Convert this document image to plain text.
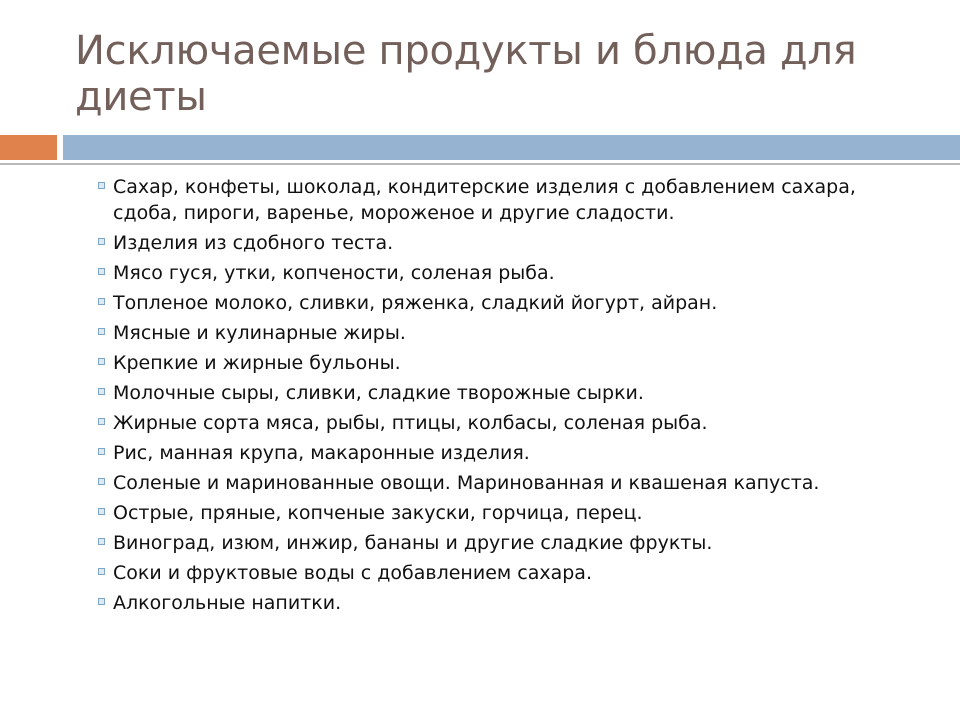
Исключаемые продукты и блюда для диеты
Сахар, конфеты, шоколад, кондитерские изделия с добавлением сахара, сдоба, пироги, варенье, мороженое и другие сладости.
Изделия из сдобного теста.
Мясо гуся, утки, копчености, соленая рыба.
Топленое молоко, сливки, ряженка, сладкий йогурт, айран.
Мясные и кулинарные жиры.
Крепкие и жирные бульоны.
Молочные сыры, сливки, сладкие творожные сырки.
Жирные сорта мяса, рыбы, птицы, колбасы, соленая рыба.
Рис, манная крупа, макаронные изделия.
Соленые и маринованные овощи. Маринованная и квашеная капуста.
Острые, пряные, копченые закуски, горчица, перец.
Виноград, изюм, инжир, бананы и другие сладкие фрукты.
Соки и фруктовые воды с добавлением сахара.
Алкогольные напитки.
